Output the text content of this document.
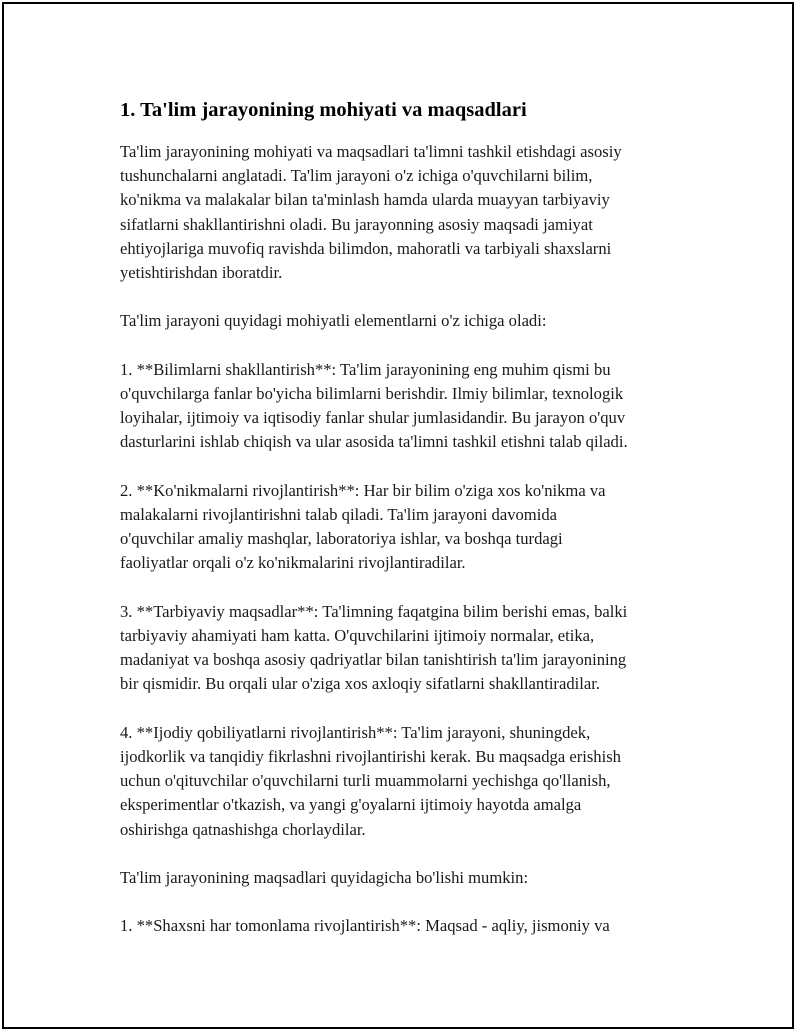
1. Ta'lim jarayonining mohiyati va maqsadlari

Ta'lim jarayonining mohiyati va maqsadlari ta'limni tashkil etishdagi asosiy
tushunchalarni anglatadi. Ta'lim jarayoni o'z ichiga o'quvchilarni bilim,
ko'nikma va malakalar bilan ta'minlash hamda ularda muayyan tarbiyaviy
sifatlarni shakllantirishni oladi. Bu jarayonning asosiy maqsadi jamiyat
ehtiyojlariga muvofiq ravishda bilimdon, mahoratli va tarbiyali shaxslarni
yetishtirishdan iboratdir.

Ta'lim jarayoni quyidagi mohiyatli elementlarni o'z ichiga oladi:

1. **Bilimlarni shakllantirish**: Ta'lim jarayonining eng muhim qismi bu
o'quvchilarga fanlar bo'yicha bilimlarni berishdir. Ilmiy bilimlar, texnologik
loyihalar, ijtimoiy va iqtisodiy fanlar shular jumlasidandir. Bu jarayon o'quv
dasturlarini ishlab chiqish va ular asosida ta'limni tashkil etishni talab qiladi.

2. **Ko'nikmalarni rivojlantirish**: Har bir bilim o'ziga xos ko'nikma va
malakalarni rivojlantirishni talab qiladi. Ta'lim jarayoni davomida
o'quvchilar amaliy mashqlar, laboratoriya ishlar, va boshqa turdagi
faoliyatlar orqali o'z ko'nikmalarini rivojlantiradilar.

3. **Tarbiyaviy maqsadlar**: Ta'limning faqatgina bilim berishi emas, balki
tarbiyaviy ahamiyati ham katta. O'quvchilarini ijtimoiy normalar, etika,
madaniyat va boshqa asosiy qadriyatlar bilan tanishtirish ta'lim jarayonining
bir qismidir. Bu orqali ular o'ziga xos axloqiy sifatlarni shakllantiradilar.

4. **Ijodiy qobiliyatlarni rivojlantirish**: Ta'lim jarayoni, shuningdek,
ijodkorlik va tanqidiy fikrlashni rivojlantirishi kerak. Bu maqsadga erishish
uchun o'qituvchilar o'quvchilarni turli muammolarni yechishga qo'llanish,
eksperimentlar o'tkazish, va yangi g'oyalarni ijtimoiy hayotda amalga
oshirishga qatnashishga chorlaydilar.

Ta'lim jarayonining maqsadlari quyidagicha bo'lishi mumkin:

1. **Shaxsni har tomonlama rivojlantirish**: Maqsad - aqliy, jismoniy va
